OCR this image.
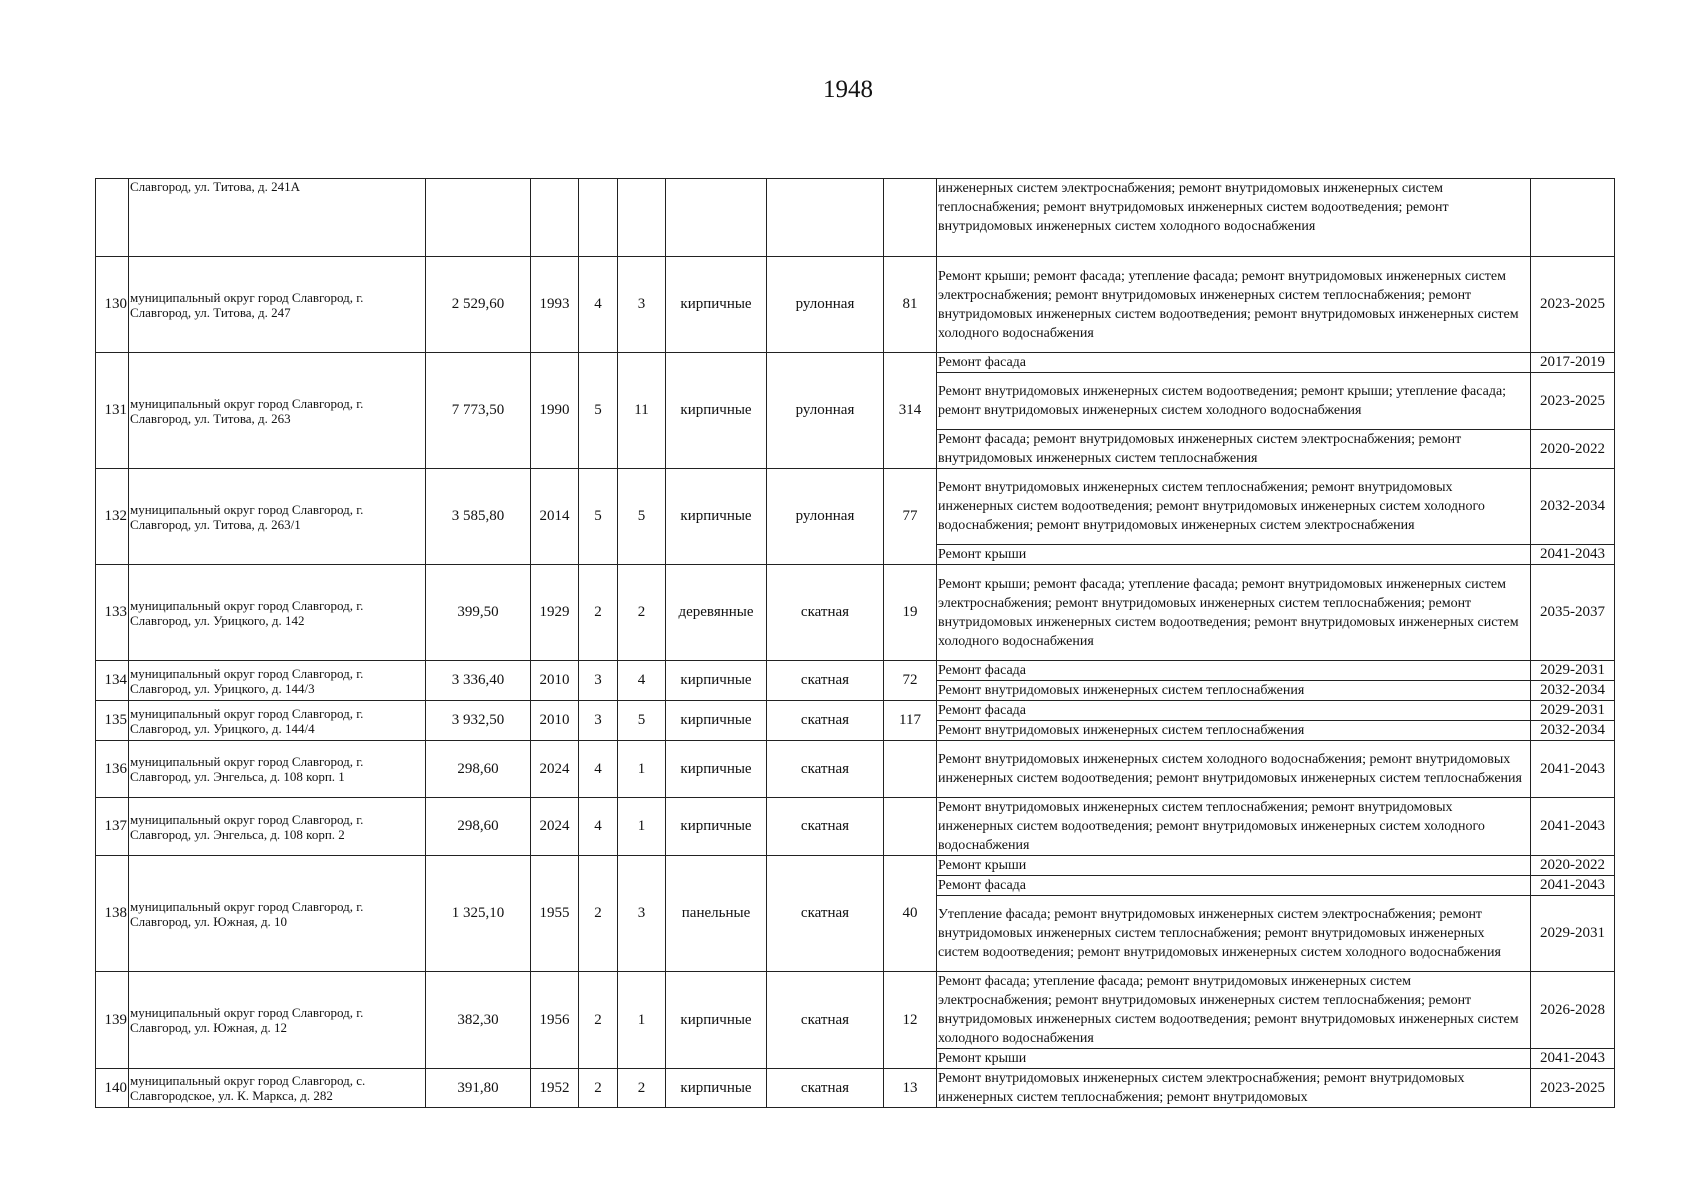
1948
	Славгород, ул. Титова, д. 241А								инженерных систем электроснабжения; ремонт внутридомовых инженерных систем теплоснабжения; ремонт внутридомовых инженерных систем водоотведения; ремонт внутридомовых инженерных систем холодного водоснабжения	
130	муниципальный округ город Славгород, г. Славгород, ул. Титова, д. 247	2 529,60	1993	4	3	кирпичные	рулонная	81	Ремонт крыши; ремонт фасада; утепление фасада; ремонт внутридомовых инженерных систем электроснабжения; ремонт внутридомовых инженерных систем теплоснабжения; ремонт внутридомовых инженерных систем водоотведения; ремонт внутридомовых инженерных систем холодного водоснабжения	2023-2025
131	муниципальный округ город Славгород, г. Славгород, ул. Титова, д. 263	7 773,50	1990	5	11	кирпичные	рулонная	314	Ремонт фасада	2017-2019
									Ремонт внутридомовых инженерных систем водоотведения; ремонт крыши; утепление фасада; ремонт внутридомовых инженерных систем холодного водоснабжения	2023-2025
									Ремонт фасада; ремонт внутридомовых инженерных систем электроснабжения; ремонт внутридомовых инженерных систем теплоснабжения	2020-2022
132	муниципальный округ город Славгород, г. Славгород, ул. Титова, д. 263/1	3 585,80	2014	5	5	кирпичные	рулонная	77	Ремонт внутридомовых инженерных систем теплоснабжения; ремонт внутридомовых инженерных систем водоотведения; ремонт внутридомовых инженерных систем холодного водоснабжения; ремонт внутридомовых инженерных систем электроснабжения	2032-2034
									Ремонт крыши	2041-2043
133	муниципальный округ город Славгород, г. Славгород, ул. Урицкого, д. 142	399,50	1929	2	2	деревянные	скатная	19	Ремонт крыши; ремонт фасада; утепление фасада; ремонт внутридомовых инженерных систем электроснабжения; ремонт внутридомовых инженерных систем теплоснабжения; ремонт внутридомовых инженерных систем водоотведения; ремонт внутридомовых инженерных систем холодного водоснабжения	2035-2037
134	муниципальный округ город Славгород, г. Славгород, ул. Урицкого, д. 144/3	3 336,40	2010	3	4	кирпичные	скатная	72	Ремонт фасада	2029-2031
									Ремонт внутридомовых инженерных систем теплоснабжения	2032-2034
135	муниципальный округ город Славгород, г. Славгород, ул. Урицкого, д. 144/4	3 932,50	2010	3	5	кирпичные	скатная	117	Ремонт фасада	2029-2031
									Ремонт внутридомовых инженерных систем теплоснабжения	2032-2034
136	муниципальный округ город Славгород, г. Славгород, ул. Энгельса, д. 108 корп. 1	298,60	2024	4	1	кирпичные	скатная		Ремонт внутридомовых инженерных систем холодного водоснабжения; ремонт внутридомовых инженерных систем водоотведения; ремонт внутридомовых инженерных систем теплоснабжения	2041-2043
137	муниципальный округ город Славгород, г. Славгород, ул. Энгельса, д. 108 корп. 2	298,60	2024	4	1	кирпичные	скатная		Ремонт внутридомовых инженерных систем теплоснабжения; ремонт внутридомовых инженерных систем водоотведения; ремонт внутридомовых инженерных систем холодного водоснабжения	2041-2043
138	муниципальный округ город Славгород, г. Славгород, ул. Южная, д. 10	1 325,10	1955	2	3	панельные	скатная	40	Ремонт крыши	2020-2022
									Ремонт фасада	2041-2043
									Утепление фасада; ремонт внутридомовых инженерных систем электроснабжения; ремонт внутридомовых инженерных систем теплоснабжения; ремонт внутридомовых инженерных систем водоотведения; ремонт внутридомовых инженерных систем холодного водоснабжения	2029-2031
139	муниципальный округ город Славгород, г. Славгород, ул. Южная, д. 12	382,30	1956	2	1	кирпичные	скатная	12	Ремонт фасада; утепление фасада; ремонт внутридомовых инженерных систем электроснабжения; ремонт внутридомовых инженерных систем теплоснабжения; ремонт внутридомовых инженерных систем водоотведения; ремонт внутридомовых инженерных систем холодного водоснабжения	2026-2028
									Ремонт крыши	2041-2043
140	муниципальный округ город Славгород, с. Славгородское, ул. К. Маркса, д. 282	391,80	1952	2	2	кирпичные	скатная	13	Ремонт внутридомовых инженерных систем электроснабжения; ремонт внутридомовых инженерных систем теплоснабжения; ремонт внутридомовых	2023-2025
